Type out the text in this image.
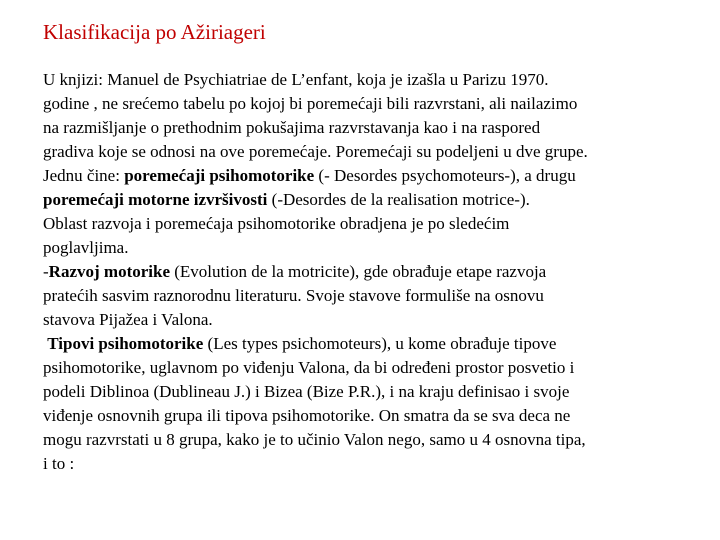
Klasifikacija po Ažiriageri
U knjizi: Manuel de Psychiatriae de L’enfant, koja je izašla u Parizu 1970.
godine , ne srećemo tabelu po kojoj bi poremećaji bili razvrstani, ali nailazimo
na razmišljanje o prethodnim pokušajima razvrstavanja kao i na raspored
gradiva koje se odnosi na ove poremećaje. Poremećaji su podeljeni u dve grupe.
Jednu čine: poremećaji psihomotorike (- Desordes psychomoteurs-), a drugu
poremećaji motorne izvršivosti (-Desordes de la realisation motrice-).
Oblast razvoja i poremećaja psihomotorike obradjena je po sledećim
poglavljima.
-Razvoj motorike (Evolution de la motricite), gde obrađuje etape razvoja
pratećih sasvim raznorodnu literaturu. Svoje stavove formuliše na osnovu
stavova Pijažea i Valona.
Tipovi psihomotorike (Les types psichomoteurs), u kome obrađuje tipove
psihomotorike, uglavnom po viđenju Valona, da bi određeni prostor posvetio i
podeli Diblinoa (Dublineau J.) i Bizea (Bize P.R.), i na kraju definisao i svoje
viđenje osnovnih grupa ili tipova psihomotorike. On smatra da se sva deca ne
mogu razvrstati u 8 grupa, kako je to učinio Valon nego, samo u 4 osnovna tipa,
i to :
